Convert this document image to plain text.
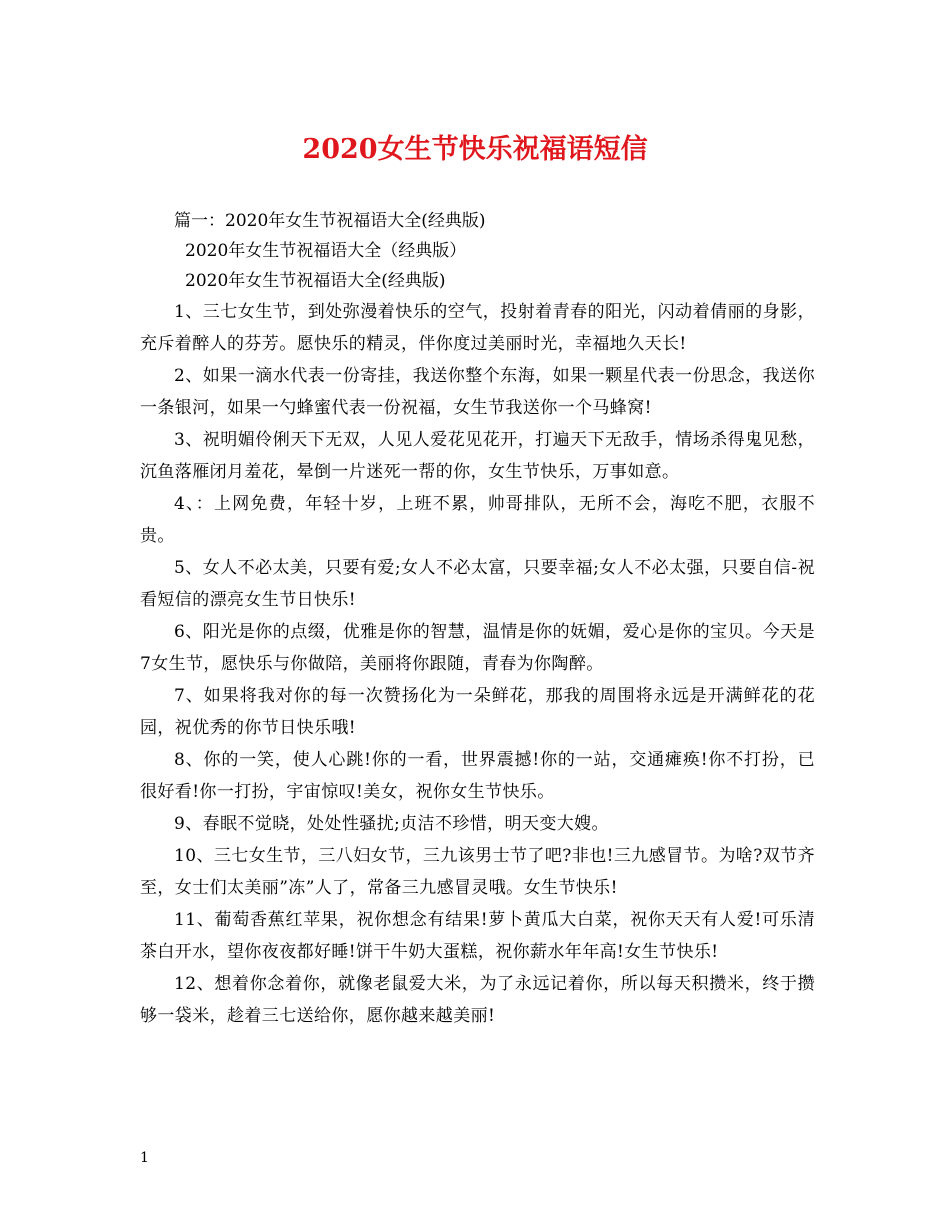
2020女生节快乐祝福语短信

篇一：2020年女生节祝福语大全(经典版)

2020年女生节祝福语大全（经典版）

2020年女生节祝福语大全(经典版)

1、三七女生节，到处弥漫着快乐的空气，投射着青春的阳光，闪动着倩丽的身影，充斥着醉人的芬芳。愿快乐的精灵，伴你度过美丽时光，幸福地久天长!

2、如果一滴水代表一份寄挂，我送你整个东海，如果一颗星代表一份思念，我送你一条银河，如果一勺蜂蜜代表一份祝福，女生节我送你一个马蜂窝!

3、祝明媚伶俐天下无双，人见人爱花见花开，打遍天下无敌手，情场杀得鬼见愁，沉鱼落雁闭月羞花，晕倒一片迷死一帮的你，女生节快乐，万事如意。

4、：上网免费，年轻十岁，上班不累，帅哥排队，无所不会，海吃不肥，衣服不贵。

5、女人不必太美，只要有爱;女人不必太富，只要幸福;女人不必太强，只要自信-祝看短信的漂亮女生节日快乐!

6、阳光是你的点缀，优雅是你的智慧，温情是你的妩媚，爱心是你的宝贝。今天是7女生节，愿快乐与你做陪，美丽将你跟随，青春为你陶醉。

7、如果将我对你的每一次赞扬化为一朵鲜花，那我的周围将永远是开满鲜花的花园，祝优秀的你节日快乐哦!

8、你的一笑，使人心跳!你的一看，世界震撼!你的一站，交通瘫痪!你不打扮，已很好看!你一打扮，宇宙惊叹!美女，祝你女生节快乐。

9、春眠不觉晓，处处性骚扰;贞洁不珍惜，明天变大嫂。

10、三七女生节，三八妇女节，三九该男士节了吧?非也!三九感冒节。为啥?双节齐至，女士们太美丽”冻”人了，常备三九感冒灵哦。女生节快乐!

11、葡萄香蕉红苹果，祝你想念有结果!萝卜黄瓜大白菜，祝你天天有人爱!可乐清茶白开水，望你夜夜都好睡!饼干牛奶大蛋糕，祝你薪水年年高!女生节快乐!

12、想着你念着你，就像老鼠爱大米，为了永远记着你，所以每天积攒米，终于攒够一袋米，趁着三七送给你，愿你越来越美丽!

1
